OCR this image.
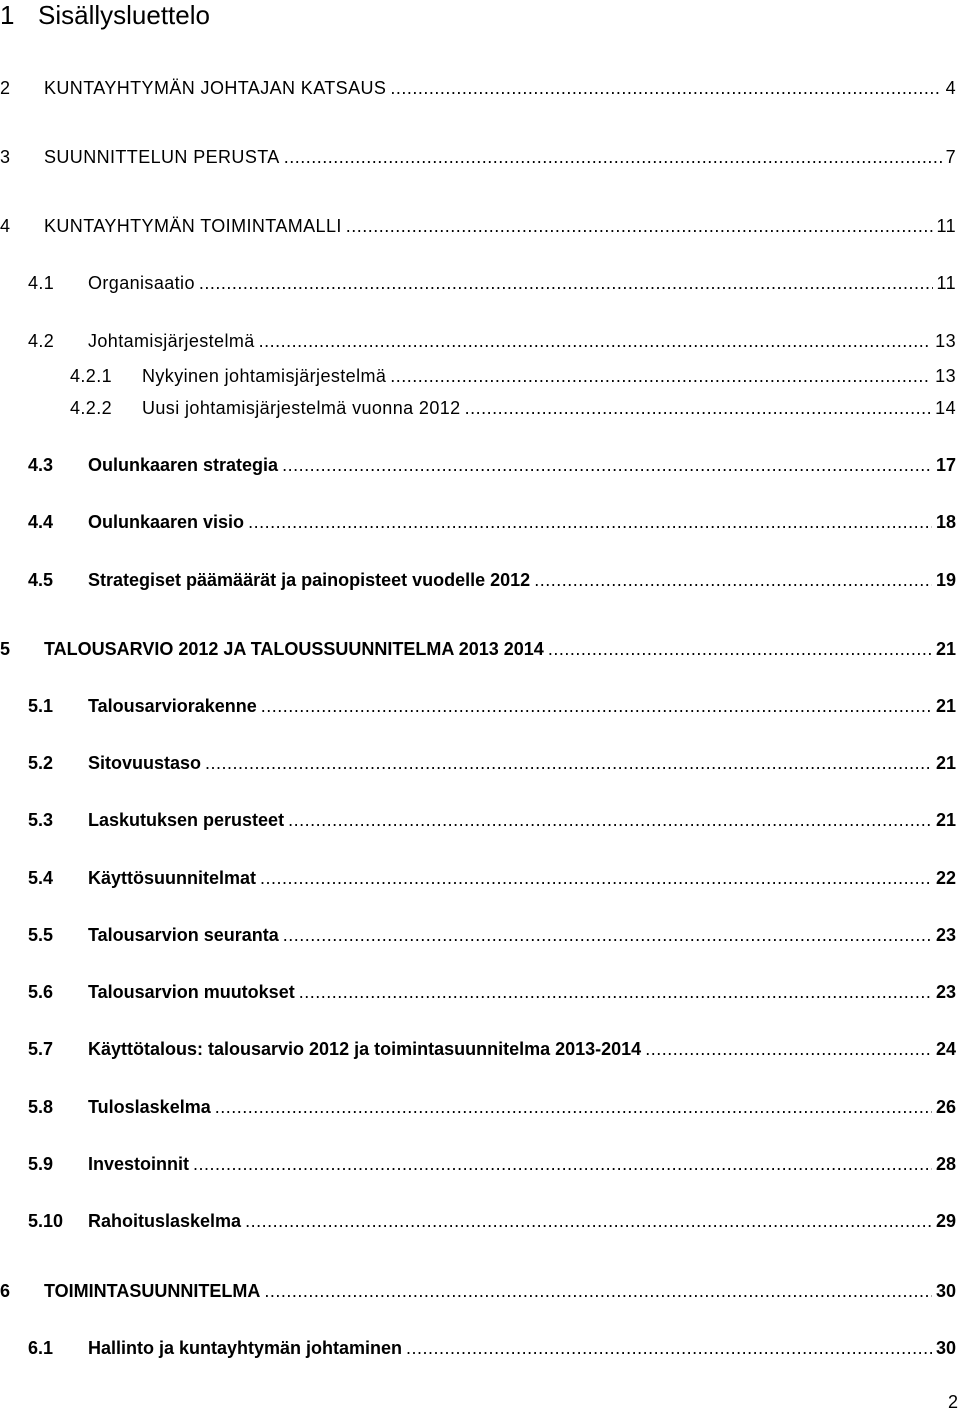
1 Sisällysluettelo
2	KUNTAYHTYMÄN JOHTAJAN KATSAUS .....	4
3	SUUNNITTELUN PERUSTA .....	7
4	KUNTAYHTYMÄN TOIMINTAMALLI .....	11
4.1	Organisaatio .....	11
4.2	Johtamisjärjestelmä .....	13
4.2.1	Nykyinen johtamisjärjestelmä .....	13
4.2.2	Uusi johtamisjärjestelmä vuonna 2012 .....	14
4.3	Oulunkaaren strategia .....	17
4.4	Oulunkaaren visio .....	18
4.5	Strategiset päämäärät ja painopisteet vuodelle 2012 .....	19
5	TALOUSARVIO 2012 JA TALOUSSUUNNITELMA 2013 2014 .....	21
5.1	Talousarviorakenne .....	21
5.2	Sitovuustaso .....	21
5.3	Laskutuksen perusteet .....	21
5.4	Käyttösuunnitelmat .....	22
5.5	Talousarvion seuranta .....	23
5.6	Talousarvion muutokset .....	23
5.7	Käyttötalous: talousarvio 2012 ja toimintasuunnitelma 2013-2014 .....	24
5.8	Tuloslaskelma .....	26
5.9	Investoinnit .....	28
5.10	Rahoituslaskelma .....	29
6	TOIMINTASUUNNITELMA .....	30
6.1	Hallinto ja kuntayhtymän johtaminen .....	30
2
